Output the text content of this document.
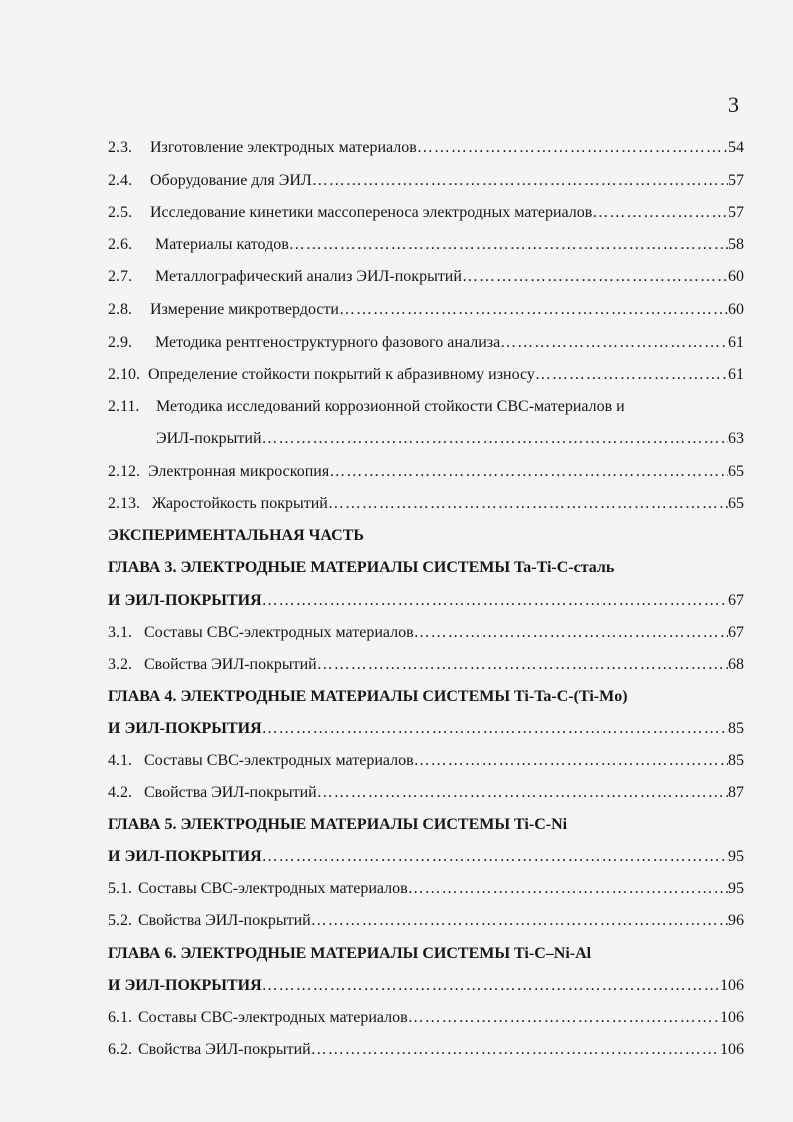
3
2.3.	Изготовление электродных материалов …………………………………………………………………………………………………………………………………………………………………	54
2.4.	Оборудование для ЭИЛ …………………………………………………………………………………………………………………………………………………………………	57
2.5.	Исследование кинетики массопереноса электродных материалов …………………………………………………………………………………………………………………………………………………………………	57
2.6.	Материалы катодов …………………………………………………………………………………………………………………………………………………………………	58
2.7.	Металлографический анализ ЭИЛ-покрытий …………………………………………………………………………………………………………………………………………………………………	60
2.8.	Измерение микротвердости …………………………………………………………………………………………………………………………………………………………………	60
2.9.	Методика рентгеноструктурного фазового анализа …………………………………………………………………………………………………………………………………………………………………	61
2.10. Определение стойкости покрытий к абразивному износу …………………………………………………………………………………………………………………………………………………………………	61
2.11.	Методика исследований коррозионной стойкости СВС-материалов и
ЭИЛ-покрытий …………………………………………………………………………………………………………………………………………………………………	63
2.12. Электронная микроскопия …………………………………………………………………………………………………………………………………………………………………	65
2.13. Жаростойкость покрытий …………………………………………………………………………………………………………………………………………………………………	65
ЭКСПЕРИМЕНТАЛЬНАЯ ЧАСТЬ
ГЛАВА 3. ЭЛЕКТРОДНЫЕ МАТЕРИАЛЫ СИСТЕМЫ Ta-Ti-C-сталь
И ЭИЛ-ПОКРЫТИЯ …………………………………………………………………………………………………………………………………………………………………	67
3.1. Составы СВС-электродных материалов …………………………………………………………………………………………………………………………………………………………………	67
3.2. Свойства ЭИЛ-покрытий …………………………………………………………………………………………………………………………………………………………………	68
ГЛАВА 4. ЭЛЕКТРОДНЫЕ МАТЕРИАЛЫ СИСТЕМЫ Ti-Ta-C-(Ti-Mo)
И ЭИЛ-ПОКРЫТИЯ …………………………………………………………………………………………………………………………………………………………………	85
4.1. Составы СВС-электродных материалов …………………………………………………………………………………………………………………………………………………………………	85
4.2. Свойства ЭИЛ-покрытий …………………………………………………………………………………………………………………………………………………………………	87
ГЛАВА 5. ЭЛЕКТРОДНЫЕ МАТЕРИАЛЫ СИСТЕМЫ Ti-C-Ni
И ЭИЛ-ПОКРЫТИЯ …………………………………………………………………………………………………………………………………………………………………	95
5.1. Составы СВС-электродных материалов …………………………………………………………………………………………………………………………………………………………………	95
5.2. Свойства ЭИЛ-покрытий …………………………………………………………………………………………………………………………………………………………………	96
ГЛАВА 6. ЭЛЕКТРОДНЫЕ МАТЕРИАЛЫ СИСТЕМЫ Ti-C–Ni-Al
И ЭИЛ-ПОКРЫТИЯ …………………………………………………………………………………………………………………………………………………………………	106
6.1. Составы СВС-электродных материалов …………………………………………………………………………………………………………………………………………………………………	106
6.2. Свойства ЭИЛ-покрытий …………………………………………………………………………………………………………………………………………………………………	106
